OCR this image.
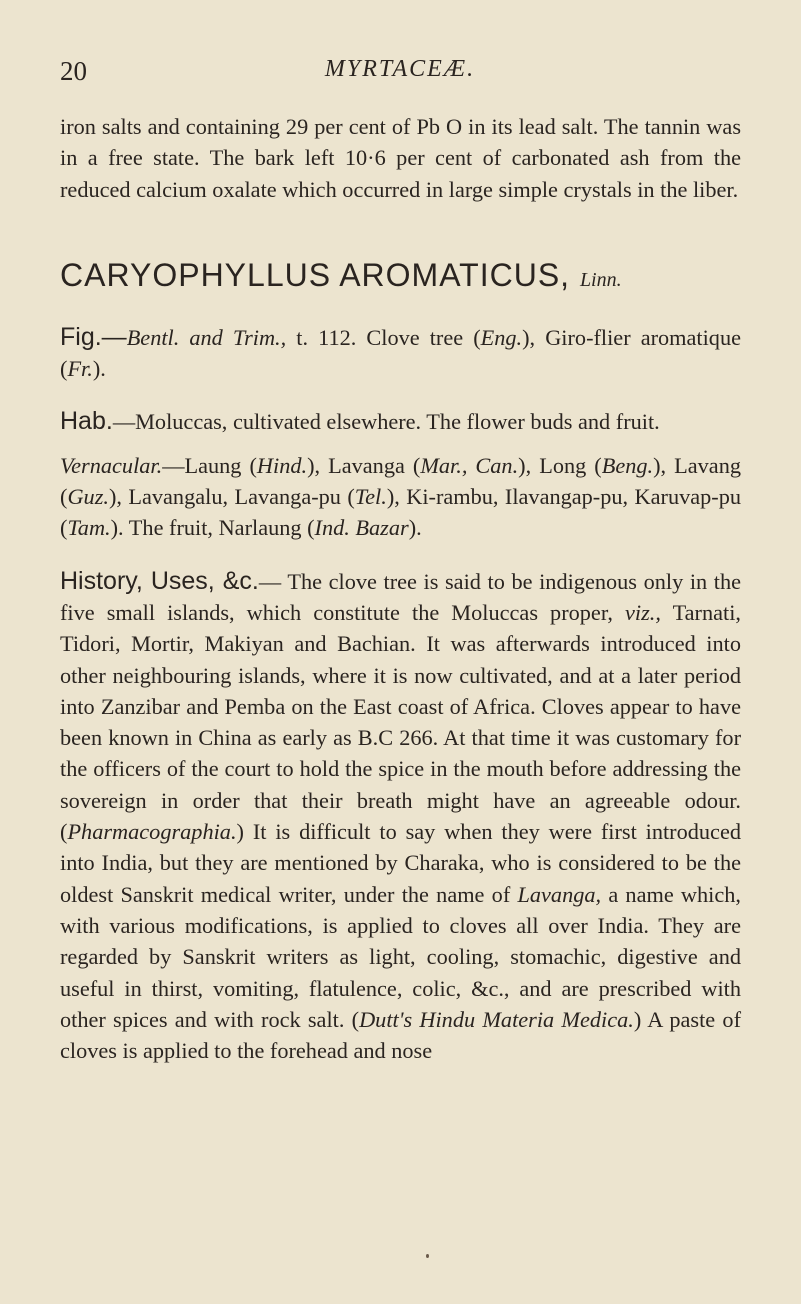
20	MYRTACEÆ.

iron salts and containing 29 per cent of Pb O in its lead salt. The tannin was in a free state. The bark left 10·6 per cent of carbonated ash from the reduced calcium oxalate which occurred in large simple crystals in the liber.

CARYOPHYLLUS AROMATICUS, Linn.

Fig.—Bentl. and Trim., t. 112. Clove tree (Eng.), Giro-flier aromatique (Fr.).

Hab.—Moluccas, cultivated elsewhere. The flower buds and fruit.

Vernacular.—Laung (Hind.), Lavanga (Mar., Can.), Long (Beng.), Lavang (Guz.), Lavangalu, Lavanga-pu (Tel.), Ki-rambu, Ilavangap-pu, Karuvap-pu (Tam.). The fruit, Narlaung (Ind. Bazar).

History, Uses, &c.— The clove tree is said to be indigenous only in the five small islands, which constitute the Moluccas proper, viz., Tarnati, Tidori, Mortir, Makiyan and Bachian. It was afterwards introduced into other neighbouring islands, where it is now cultivated, and at a later period into Zanzibar and Pemba on the East coast of Africa. Cloves appear to have been known in China as early as B.C 266. At that time it was customary for the officers of the court to hold the spice in the mouth before addressing the sovereign in order that their breath might have an agreeable odour. (Pharmacographia.) It is difficult to say when they were first introduced into India, but they are mentioned by Charaka, who is considered to be the oldest Sanskrit medical writer, under the name of Lavanga, a name which, with various modifications, is applied to cloves all over India. They are regarded by Sanskrit writers as light, cooling, stomachic, digestive and useful in thirst, vomiting, flatulence, colic, &c., and are prescribed with other spices and with rock salt. (Dutt's Hindu Materia Medica.) A paste of cloves is applied to the forehead and nose
